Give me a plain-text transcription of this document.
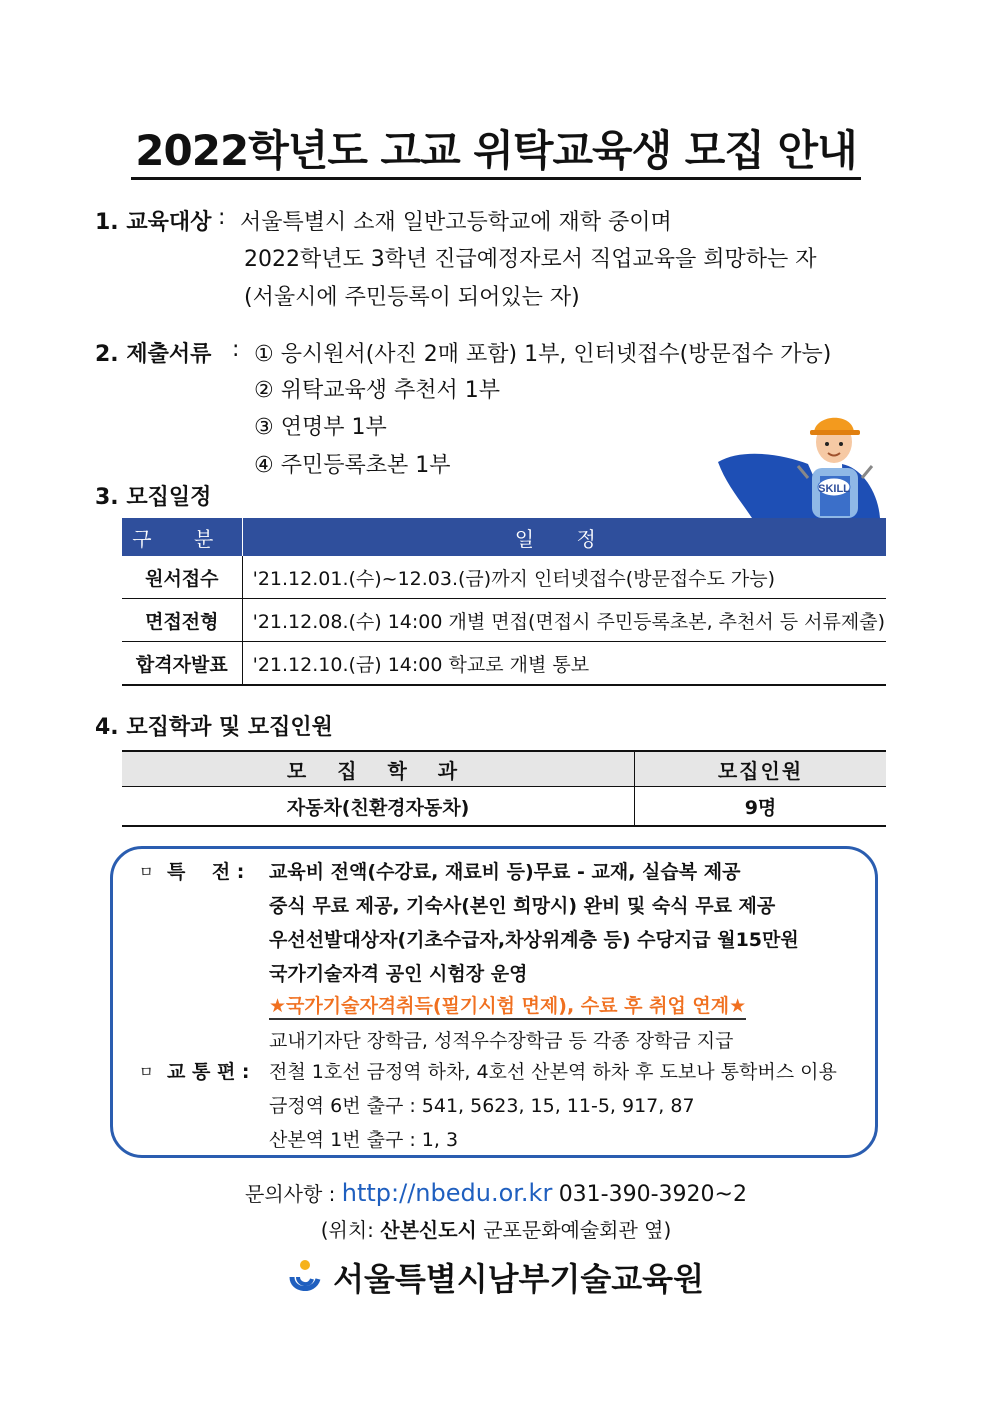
2022학년도 고교 위탁교육생 모집 안내
1. 교육대상 : 서울특별시 소재 일반고등학교에 재학 중이며
2022학년도 3학년 진급예정자로서 직업교육을 희망하는 자
(서울시에 주민등록이 되어있는 자)
2. 제출서류 : ① 응시원서(사진 2매 포함) 1부, 인터넷접수(방문접수 가능)
② 위탁교육생 추천서 1부
③ 연명부 1부
④ 주민등록초본 1부
SKILL
3. 모집일정
구 분	일 정
원서접수	'21.12.01.(수)~12.03.(금)까지 인터넷접수(방문접수도 가능)
면접전형	'21.12.08.(수) 14:00 개별 면접(면접시 주민등록초본, 추천서 등 서류제출)
합격자발표	'21.12.10.(금) 14:00 학교로 개별 통보
4. 모집학과 및 모집인원
모 집 학 과	모집인원
자동차(친환경자동차)	9명
ㅁ 특    전 : 교육비 전액(수강료, 재료비 등)무료 - 교재, 실습복 제공
중식 무료 제공, 기숙사(본인 희망시) 완비 및 숙식 무료 제공
우선선발대상자(기초수급자,차상위계층 등) 수당지급 월15만원
국가기술자격 공인 시험장 운영
★국가기술자격취득(필기시험 면제), 수료 후 취업 연계★
교내기자단 장학금, 성적우수장학금 등 각종 장학금 지급
ㅁ 교 통 편 : 전철 1호선 금정역 하차, 4호선 산본역 하차 후 도보나 통학버스 이용
금정역 6번 출구 : 541, 5623, 15, 11-5, 917, 87
산본역 1번 출구 : 1, 3
문의사항 : http://nbedu.or.kr 031-390-3920~2
(위치: 산본신도시 군포문화예술회관 옆)
서울특별시남부기술교육원
